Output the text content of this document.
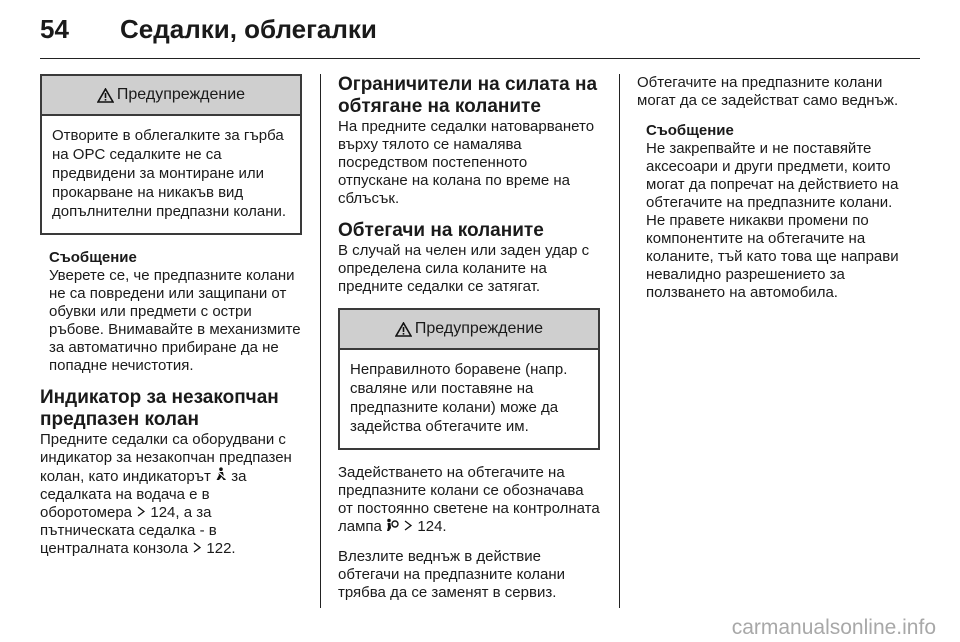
54 Седалки, облегалки
Предупреждение
Отворите в облегалките за гърба на OPC седалките не са предвидени за монтиране или прокарване на никакъв вид допълнителни предпазни колани.
Съобщение
Уверете се, че предпазните колани не са повредени или защипани от обувки или предмети с остри ръбове. Внимавайте в механизмите за автоматично прибиране да не попадне нечистотия.
Индикатор за незакопчан предпазен колан

Предните седалки са оборудвани с индикатор за незакопчан предпазен колан, като индикаторът за седалката на водача е в оборотомера 124, а за пътническата седалка - в централната конзола 122.

Ограничители на силата на обтягане на коланите

На предните седалки натоварването върху тялото се намалява посредством постепенното отпускане на колана по време на сблъсък.

Обтегачи на коланите

В случай на челен или заден удар с определена сила коланите на предните седалки се затягат.

Предупреждение
Неправилното боравене (напр. сваляне или поставяне на предпазните колани) може да задейства обтегачите им.

Задействането на обтегачите на предпазните колани се обозначава от постоянно светене на контролната лампа 124.

Влезлите веднъж в действие обтегачи на предпазните колани трябва да се заменят в сервиз.

Обтегачите на предпазните колани могат да се задействат само веднъж.

Съобщение
Не закрепвайте и не поставяйте аксесоари и други предмети, които могат да попречат на действието на обтегачите на предпазните колани. Не правете никакви промени по компонентите на обтегачите на коланите, тъй като това ще направи невалидно разрешението за ползването на автомобила.
carmanualsonline.info
